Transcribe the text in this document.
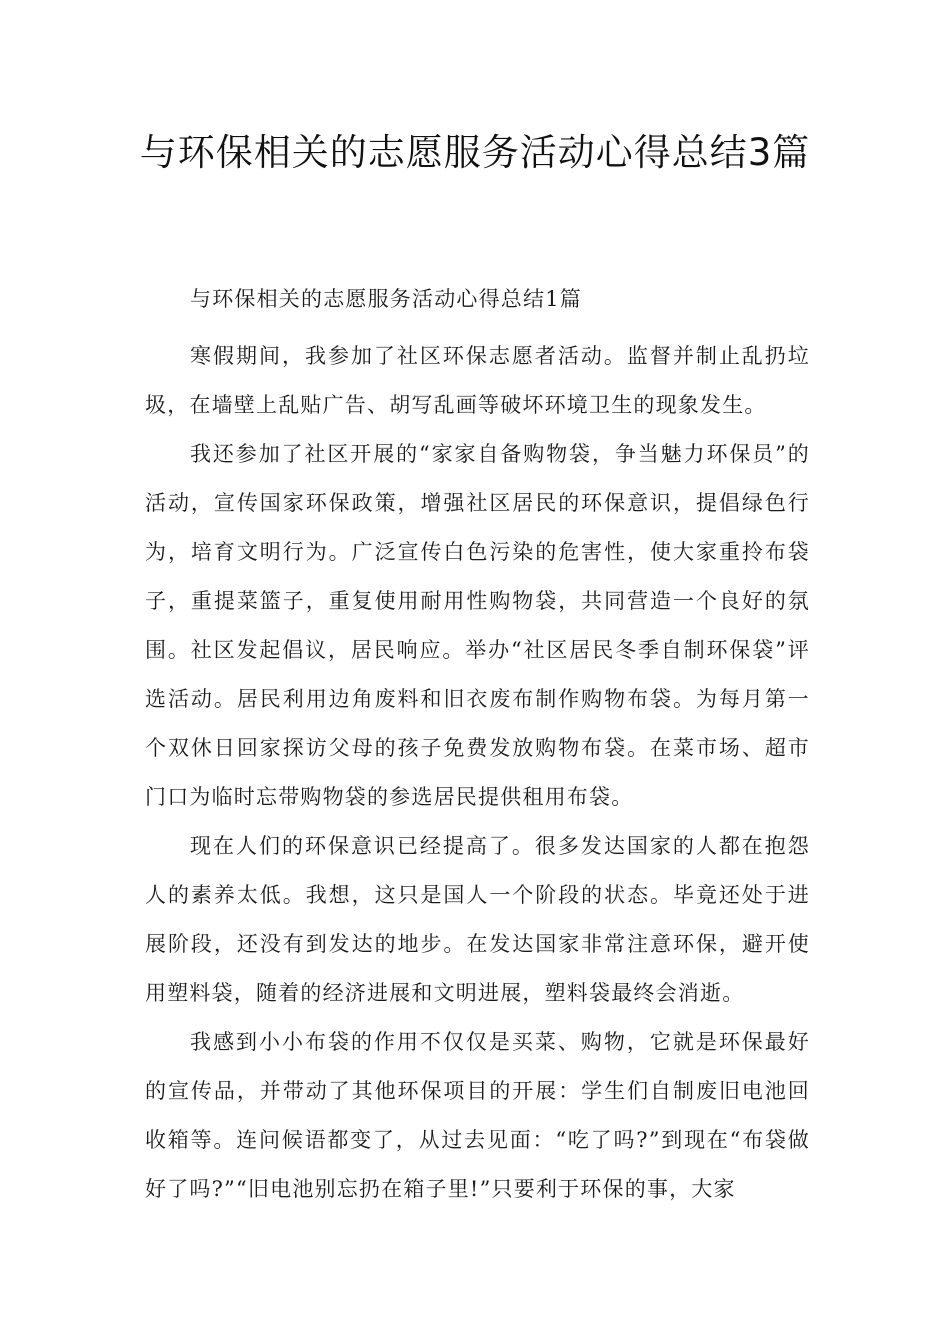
与环保相关的志愿服务活动心得总结3篇

与环保相关的志愿服务活动心得总结1篇

寒假期间，我参加了社区环保志愿者活动。监督并制止乱扔垃圾，在墙壁上乱贴广告、胡写乱画等破坏环境卫生的现象发生。

我还参加了社区开展的“家家自备购物袋，争当魅力环保员”的活动，宣传国家环保政策，增强社区居民的环保意识，提倡绿色行为，培育文明行为。广泛宣传白色污染的危害性，使大家重拎布袋子，重提菜篮子，重复使用耐用性购物袋，共同营造一个良好的氛围。社区发起倡议，居民响应。举办“社区居民冬季自制环保袋”评选活动。居民利用边角废料和旧衣废布制作购物布袋。为每月第一个双休日回家探访父母的孩子免费发放购物布袋。在菜市场、超市门口为临时忘带购物袋的参选居民提供租用布袋。

现在人们的环保意识已经提高了。很多发达国家的人都在抱怨人的素养太低。我想，这只是国人一个阶段的状态。毕竟还处于进展阶段，还没有到发达的地步。在发达国家非常注意环保，避开使用塑料袋，随着的经济进展和文明进展，塑料袋最终会消逝。

我感到小小布袋的作用不仅仅是买菜、购物，它就是环保最好的宣传品，并带动了其他环保项目的开展：学生们自制废旧电池回收箱等。连问候语都变了，从过去见面：“吃了吗?”到现在“布袋做好了吗?”“旧电池别忘扔在箱子里!”只要利于环保的事，大家
